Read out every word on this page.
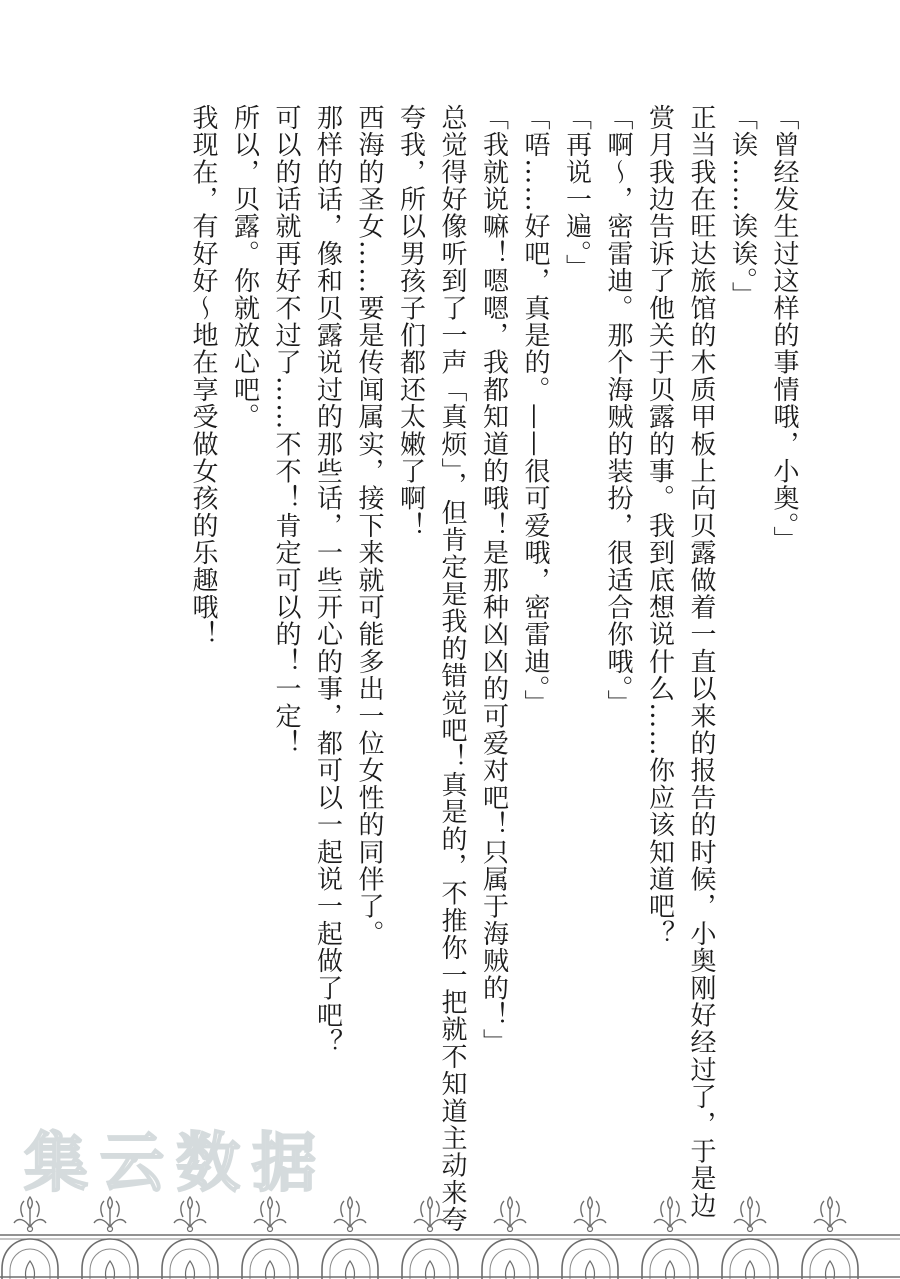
「曾经发生过这样的事情哦，小奥。」

「诶……诶诶。」

正当我在旺达旅馆的木质甲板上向贝露做着一直以来的报告的时候，小奥刚好经过了，于是边

赏月我边告诉了他关于贝露的事。我到底想说什么……你应该知道吧？

「啊～，密雷迪。那个海贼的装扮，很适合你哦。」

「再说一遍。」

「唔……好吧，真是的。——很可爱哦，密雷迪。」

「我就说嘛！嗯嗯，我都知道的哦！是那种凶凶的可爱对吧！只属于海贼的！」

总觉得好像听到了一声「真烦」，但肯定是我的错觉吧！真是的，不推你一把就不知道主动来夸

夸我，所以男孩子们都还太嫩了啊！

西海的圣女……要是传闻属实，接下来就可能多出一位女性的同伴了。

那样的话，像和贝露说过的那些话，一些开心的事，都可以一起说一起做了吧？

可以的话就再好不过了……不不！肯定可以的！一定！

所以，贝露。你就放心吧。

我现在，有好好～地在享受做女孩的乐趣哦！

集云数据
